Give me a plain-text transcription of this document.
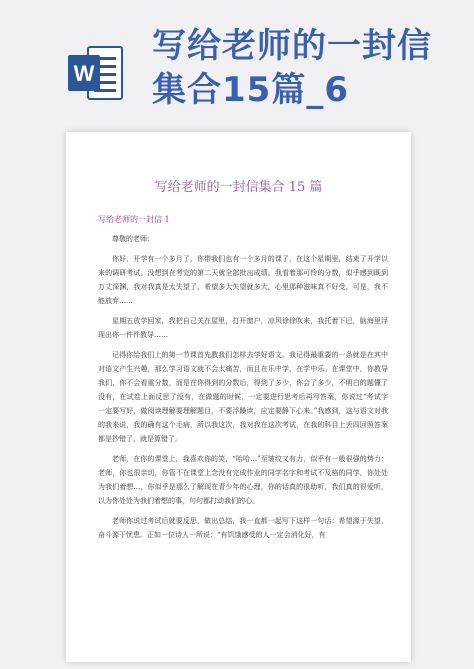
W
写给老师的一封信
集合15篇_6
写给老师的一封信集合 15 篇
写给老师的一封信 1

尊敬的老师:

你好，开学有一个多月了，你带我们也有一个多月的课了，在这个星期里，结束了开学以来的调研考试。没想到在考完的第二天就全部批出成绩。我看着那可怜的分数，似乎感到既到万丈深渊，我对我真是太失望了，希望多大失望就多大，心里那种滋味真不好受，可是，我不能放弃……

星期五放学回家，我把自己关在屋里，打开窗户，凉风徐徐吹来，我托着下巴，脑海里浮现出你一件件教导……

记得你给我们上的第一节课首先教我们怎样去学好语文。我记得最重要的一条就是在其中对语文产生兴趣，那么学习语文就不会太痛苦，而且在乐中学，在学中乐。在课堂中，你教导我们，你不会看重分数，而是在你得到的分数后，得到了多少，你会了多少，不明白的题懂了没有，在试卷上面反思了没有，在做题的时候，一定要进行思考后再写答案，你说过“考试字一定要写好，做阅读理解要理解题目，不要浮躁读，应定要静下心来。”我感到，这与语文对我的我来说，我的确有这个毛病，所以我这次，我对我在这次考试，在我的科目上丢四回照答案都是抄错了，就是算错了。

老师，在你的课堂上，我喜欢你的笑，“哈哈…”至皱纹又有力，似乎有一般很强的势力；老师，你也很亲切，你管不在课堂上念没有完成作业的同学名字和考试不及格的同学，你处处为我们着想…，你似乎是那么了解现在青少年的心理，你的话真的很助听，我们真的很爱听，以为你处处为我们着想的事，句句都打动我们的心。

老师你说过考试后就要反思，做出总结，我一直都一起写下这样一句话：希望源于失望，奋斗源于忧患。正如一位诗人一所说：“有饥饿感受的人一定会消化好，有
